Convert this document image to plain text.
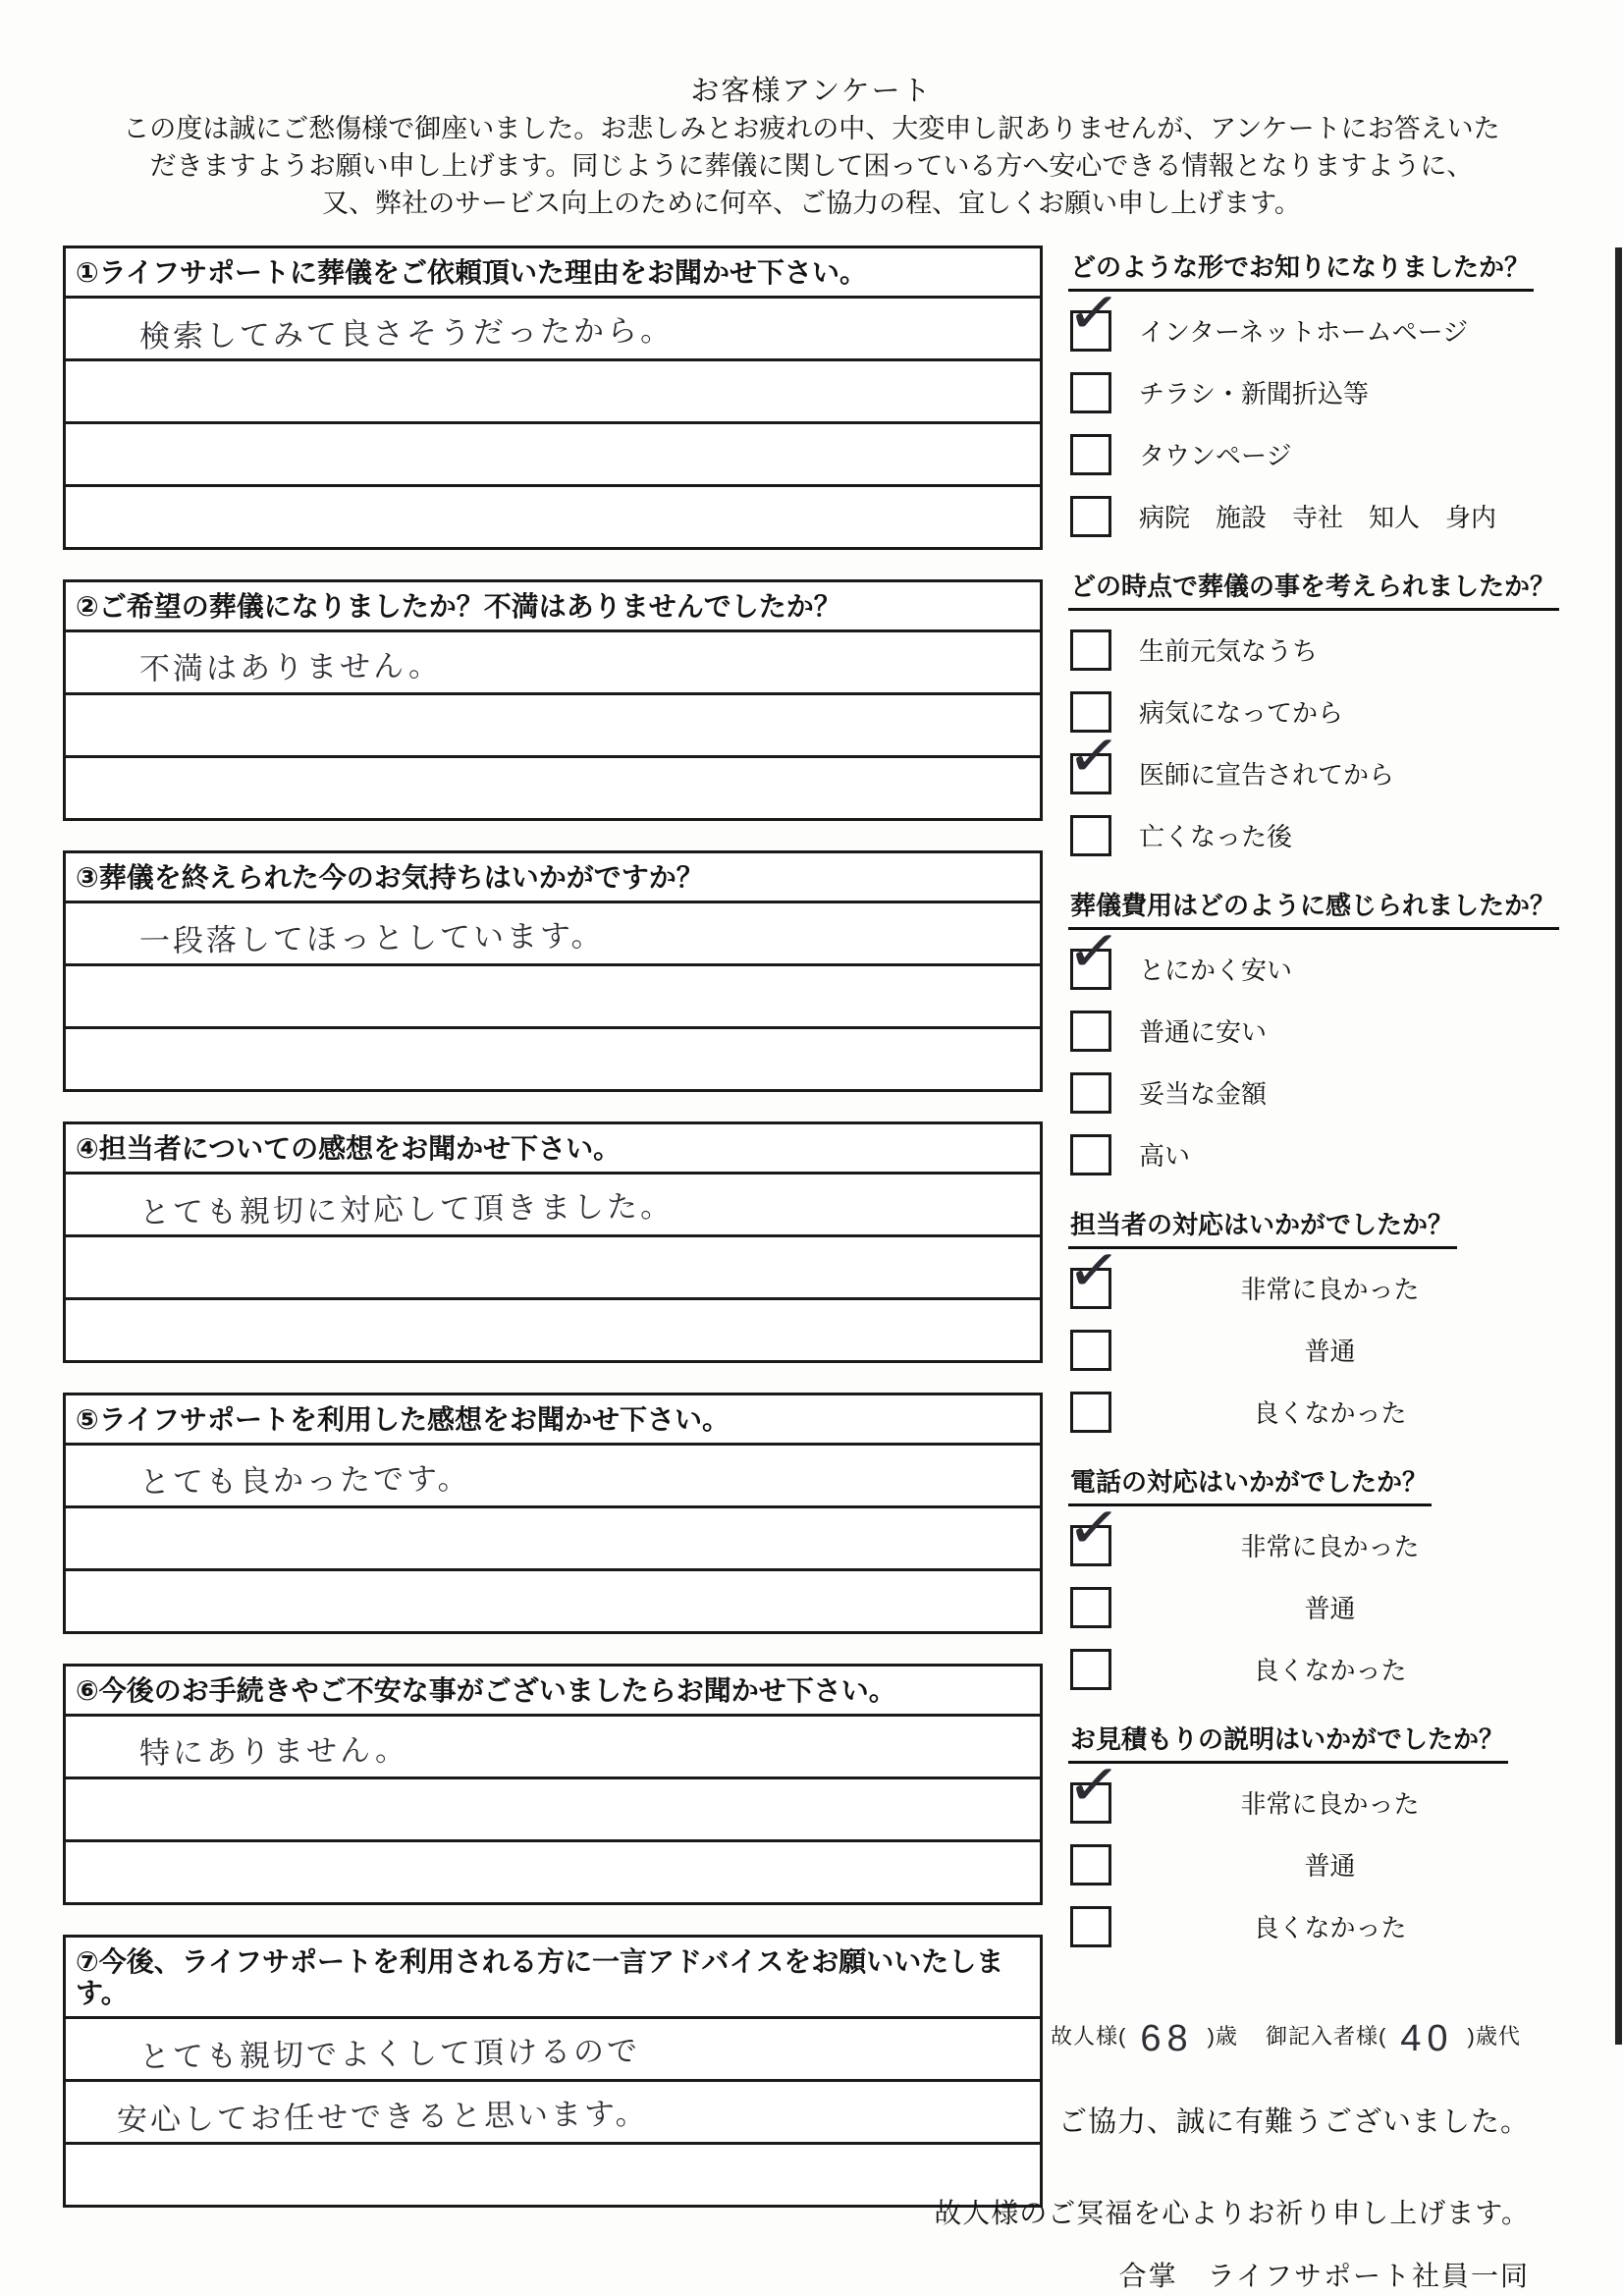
お客様アンケート
この度は誠にご愁傷様で御座いました。お悲しみとお疲れの中、大変申し訳ありませんが、アンケートにお答えいた
だきますようお願い申し上げます。同じように葬儀に関して困っている方へ安心できる情報となりますように、
又、弊社のサービス向上のために何卒、ご協力の程、宜しくお願い申し上げます。
①ライフサポートに葬儀をご依頼頂いた理由をお聞かせ下さい。
検索してみて良さそうだったから。
②ご希望の葬儀になりましたか？不満はありませんでしたか？
不満はありません。
③葬儀を終えられた今のお気持ちはいかがですか？
一段落してほっとしています。
④担当者についての感想をお聞かせ下さい。
とても親切に対応して頂きました。
⑤ライフサポートを利用した感想をお聞かせ下さい。
とても良かったです。
⑥今後のお手続きやご不安な事がございましたらお聞かせ下さい。
特にありません。
⑦今後、ライフサポートを利用される方に一言アドバイスをお願いいたします。
とても親切でよくして頂けるので
安心してお任せできると思います。
どのような形でお知りになりましたか？
✓ インターネットホームページ
チラシ・新聞折込等
タウンページ
病院　施設　寺社　知人　身内
どの時点で葬儀の事を考えられましたか？
生前元気なうち
病気になってから
✓ 医師に宣告されてから
亡くなった後
葬儀費用はどのように感じられましたか？
✓ とにかく安い
普通に安い
妥当な金額
高い
担当者の対応はいかがでしたか？
✓	非常に良かった
普通
良くなかった
電話の対応はいかがでしたか？
✓	非常に良かった
普通
良くなかった
お見積もりの説明はいかがでしたか？
✓	非常に良かった
普通
良くなかった
故人様( 68 )歳 御記入者様( 40 )歳代
ご協力、誠に有難うございました。
故人様のご冥福を心よりお祈り申し上げます。
合掌　ライフサポート社員一同
